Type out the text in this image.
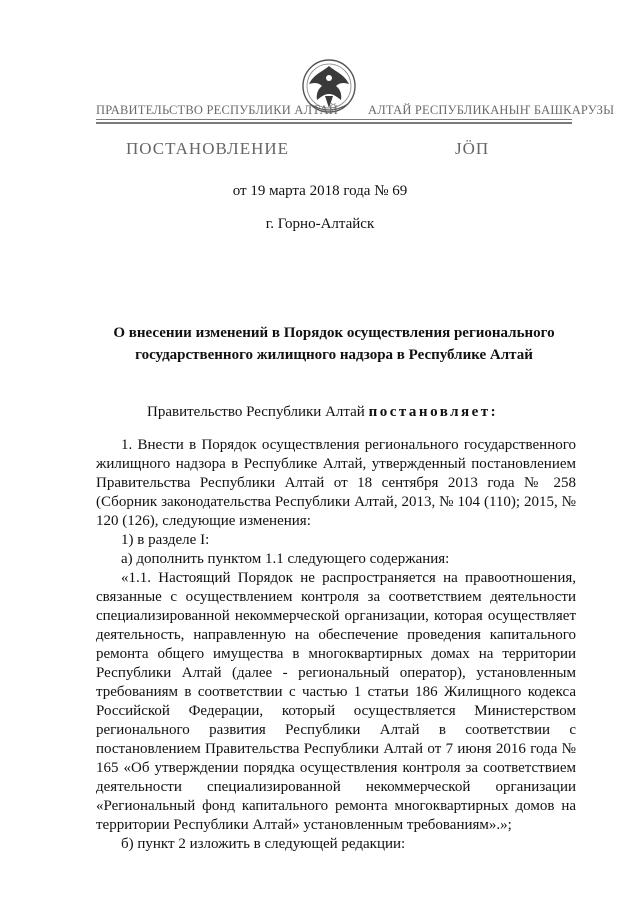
ПРАВИТЕЛЬСТВО РЕСПУБЛИКИ АЛТАЙ АЛТАЙ РЕСПУБЛИКАНЫҤ БАШКАРУЗЫ
ПОСТАНОВЛЕНИЕ	ЈӦП
от 19 марта 2018 года № 69
г. Горно-Алтайск
О внесении изменений в Порядок осуществления регионального государственного жилищного надзора в Республике Алтай
Правительство Республики Алтай постановляет:

1. Внести в Порядок осуществления регионального государственного жилищного надзора в Республике Алтай, утвержденный постановлением Правительства Республики Алтай от 18 сентября 2013 года № 258 (Сборник законодательства Республики Алтай, 2013, № 104 (110); 2015, № 120 (126), следующие изменения:

1) в разделе I:

а) дополнить пунктом 1.1 следующего содержания:

«1.1. Настоящий Порядок не распространяется на правоотношения, связанные с осуществлением контроля за соответствием деятельности специализированной некоммерческой организации, которая осуществляет деятельность, направленную на обеспечение проведения капитального ремонта общего имущества в многоквартирных домах на территории Республики Алтай (далее - региональный оператор), установленным требованиям в соответствии с частью 1 статьи 186 Жилищного кодекса Российской Федерации, который осуществляется Министерством регионального развития Республики Алтай в соответствии с постановлением Правительства Республики Алтай от 7 июня 2016 года № 165 «Об утверждении порядка осуществления контроля за соответствием деятельности специализированной некоммерческой организации «Региональный фонд капитального ремонта многоквартирных домов на территории Республики Алтай» установленным требованиям».»;

б) пункт 2 изложить в следующей редакции:
